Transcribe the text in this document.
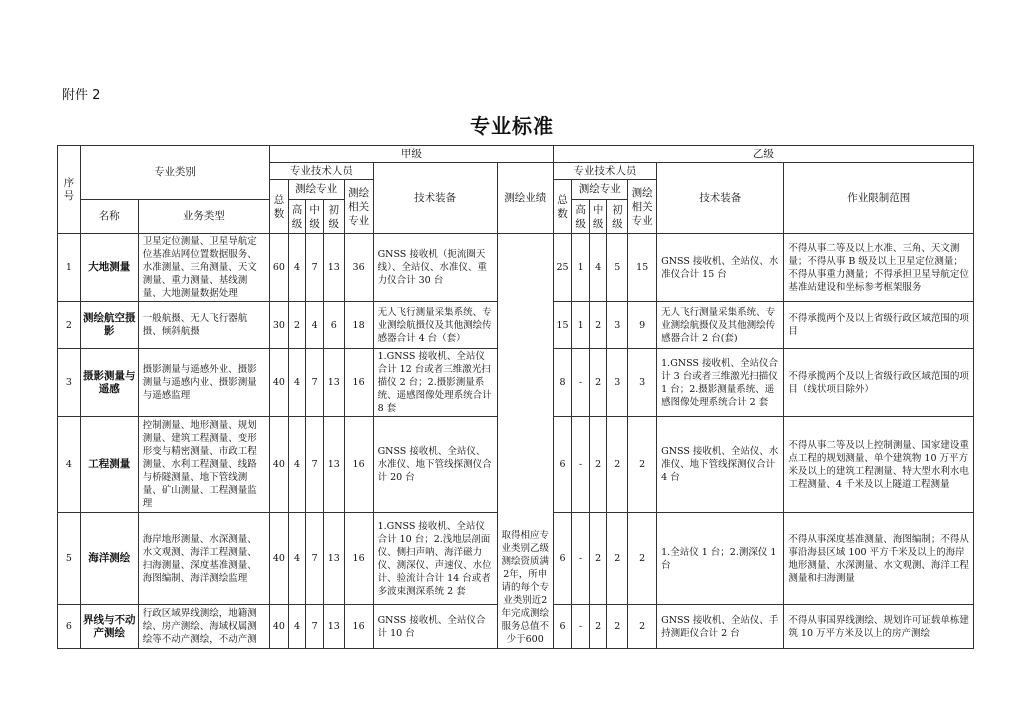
附件 2
专业标准
序号	专业类别		甲级							乙级						
			专业技术人员					技术装备	测绘业绩	专业技术人员					技术装备	作业限制范围
			总数	测绘专业			测绘相关专业			总数	测绘专业			测绘相关专业		
	名称	业务类型		高级	中级	初级					高级	中级	初级			
1	大地测量	卫星定位测量、卫星导航定位基准站网位置数据服务、水准测量、三角测量、天文测量、重力测量、基线测量、大地测量数据处理	60	4	7	13	36	GNSS 接收机（扼流圈天线）、全站仪、水准仪、重力仪合计 30 台	取得相应专业类别乙级测绘资质满2年，所申请的每个专业类别近2年完成测绘服务总值不少于600	25	1	4	5	15	GNSS 接收机、全站仪、水准仪合计 15 台	不得从事二等及以上水准、三角、天文测量；不得从事 B 级及以上卫星定位测量；不得从事重力测量；不得承担卫星导航定位基准站建设和坐标参考框架服务
2	测绘航空摄影	一般航摄、无人飞行器航摄、倾斜航摄	30	2	4	6	18	无人飞行测量采集系统、专业测绘航摄仪及其他测绘传感器合计 4 台（套）		15	1	2	3	9	无人飞行测量采集系统、专业测绘航摄仪及其他测绘传感器合计 2 台(套)	不得承揽两个及以上省级行政区域范围的项目
3	摄影测量与遥感	摄影测量与遥感外业、摄影测量与遥感内业、摄影测量与遥感监理	40	4	7	13	16	1.GNSS 接收机、全站仪合计 12 台或者三维激光扫描仪 2 台；2.摄影测量系统、遥感图像处理系统合计 8 套		8	-	2	3	3	1.GNSS 接收机、全站仪合计 3 台或者三维激光扫描仪 1 台；2.摄影测量系统、遥感图像处理系统合计 2 套	不得承揽两个及以上省级行政区域范围的项目（线状项目除外）
4	工程测量	控制测量、地形测量、规划测量、建筑工程测量、变形形变与精密测量、市政工程测量、水利工程测量、线路与桥隧测量、地下管线测量、矿山测量、工程测量监理	40	4	7	13	16	GNSS 接收机、全站仪、水准仪、地下管线探测仪合计 20 台		6	-	2	2	2	GNSS 接收机、全站仪、水准仪、地下管线探测仪合计 4 台	不得从事二等及以上控制测量、国家建设重点工程的规划测量、单个建筑物 10 万平方米及以上的建筑工程测量、特大型水利水电工程测量、4 千米及以上隧道工程测量
5	海洋测绘	海岸地形测量、水深测量、水文观测、海洋工程测量、扫海测量、深度基准测量、海图编制、海洋测绘监理	40	4	7	13	16	1.GNSS 接收机、全站仪合计 10 台；2.浅地层剖面仪、侧扫声呐、海洋磁力仪、测深仪、声速仪、水位计、验流计合计 14 台或者多波束测深系统 2 套		6	-	2	2	2	1.全站仪 1 台；2.测深仪 1 台	不得从事深度基准测量、海图编制；不得从事沿海县区域 100 平方千米及以上的海岸地形测量、水深测量、水文观测、海洋工程测量和扫海测量
6	界线与不动产测绘	行政区域界线测绘，地籍测绘、房产测绘、海域权属测绘等不动产测绘，不动产测	40	4	7	13	16	GNSS 接收机、全站仪合计 10 台		6	-	2	2	2	GNSS 接收机、全站仪、手持测距仪合计 2 台	不得从事国界线测绘、规划许可证载单栋建筑 10 万平方米及以上的房产测绘
